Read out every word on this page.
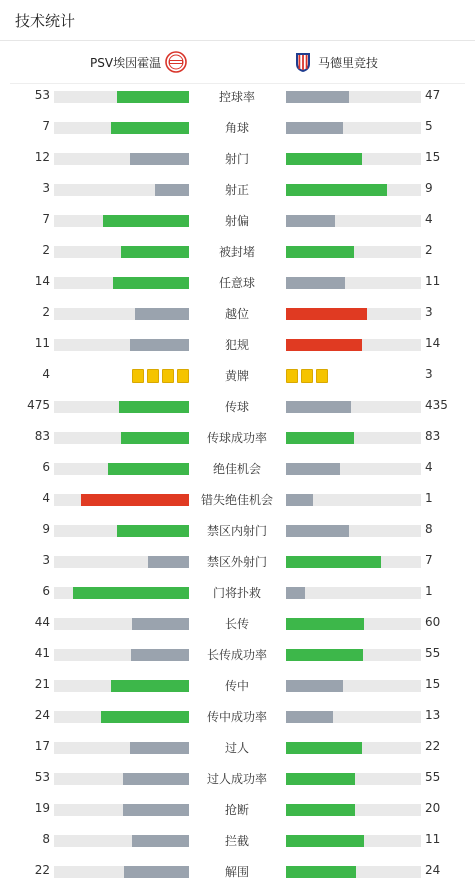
技术统计
PSV埃因霍温	马德里竞技
53	控球率	47
7	角球	5
12	射门	15
3	射正	9
7	射偏	4
2	被封堵	2
14	任意球	11
2	越位	3
11	犯规	14
4	黄牌	3
475	传球	435
83	传球成功率	83
6	绝佳机会	4
4	错失绝佳机会	1
9	禁区内射门	8
3	禁区外射门	7
6	门将扑救	1
44	长传	60
41	长传成功率	55
21	传中	15
24	传中成功率	13
17	过人	22
53	过人成功率	55
19	抢断	20
8	拦截	11
22	解围	24
